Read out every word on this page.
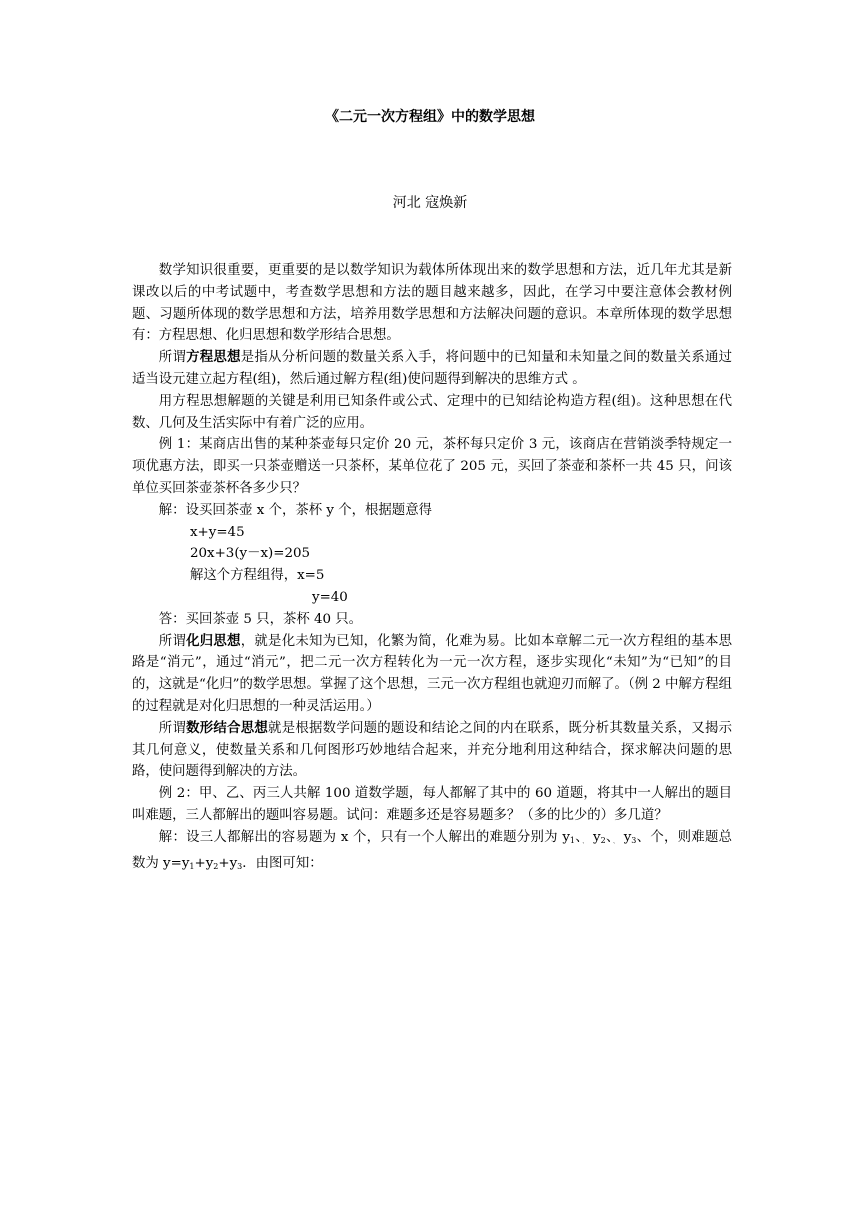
《二元一次方程组》中的数学思想
河北 寇焕新

数学知识很重要，更重要的是以数学知识为载体所体现出来的数学思想和方法，近几年尤其是新课改以后的中考试题中，考查数学思想和方法的题目越来越多，因此，在学习中要注意体会教材例题、习题所体现的数学思想和方法，培养用数学思想和方法解决问题的意识。本章所体现的数学思想有：方程思想、化归思想和数学形结合思想。

所谓方程思想是指从分析问题的数量关系入手，将问题中的已知量和未知量之间的数量关系通过适当设元建立起方程(组)，然后通过解方程(组)使问题得到解决的思维方式 。

用方程思想解题的关键是利用已知条件或公式、定理中的已知结论构造方程(组)。这种思想在代数、几何及生活实际中有着广泛的应用。

例 1：某商店出售的某种茶壶每只定价 20 元，茶杯每只定价 3 元，该商店在营销淡季特规定一项优惠方法，即买一只茶壶赠送一只茶杯，某单位花了 205 元，买回了茶壶和茶杯一共 45 只，问该单位买回茶壶茶杯各多少只？

解：设买回茶壶 x 个，茶杯 y 个，根据题意得

x+y=45
20x+3(y－x)=205
解这个方程组得，x=5
y=40

答：买回茶壶 5 只，茶杯 40 只。

所谓化归思想，就是化未知为已知，化繁为简，化难为易。比如本章解二元一次方程组的基本思路是“消元”，通过“消元”，把二元一次方程转化为一元一次方程，逐步实现化“未知”为“已知”的目的，这就是“化归”的数学思想。掌握了这个思想，三元一次方程组也就迎刃而解了。（例 2 中解方程组的过程就是对化归思想的一种灵活运用。）

所谓数形结合思想就是根据数学问题的题设和结论之间的内在联系，既分析其数量关系，又揭示其几何意义，使数量关系和几何图形巧妙地结合起来，并充分地利用这种结合，探求解决问题的思路，使问题得到解决的方法。

例 2：甲、乙、丙三人共解 100 道数学题，每人都解了其中的 60 道题，将其中一人解出的题目叫难题，三人都解出的题叫容易题。试问：难题多还是容易题多？（多的比少的）多几道？

解：设三人都解出的容易题为 x 个，只有一个人解出的难题分别为 $y_1$、、 $y_2$、、 $y_3$、个，则难题总数为 $y=y_1+y_2+y_3$．由图可知：
